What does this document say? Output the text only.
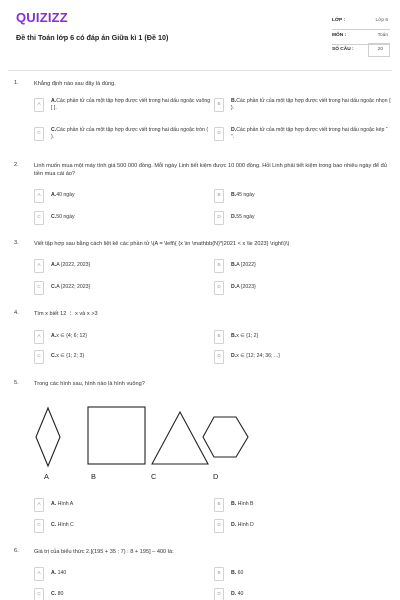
QUIZIZZ
Đề thi Toán lớp 6 có đáp án Giữa kì 1 (Đề 10)
LỚP :	Lớp 6
MÔN :	Toán
SỐ CÂU :	20
1.	Khẳng định nào sau đây là đúng.
A	A.Các phần tử của một tập hợp được viết trong hai dấu ngoặc vuông [ ].
B	B.Các phần tử của một tập hợp được viết trong hai dấu ngoặc nhọn { }.
C	C.Các phần tử của một tập hợp được viết trong hai dấu ngoặc tròn ( ).
D	D.Các phần tử của một tập hợp được viết trong hai dấu ngoặc kép “ ”.
2.	Linh muốn mua một máy tính giá 500 000 đồng. Mỗi ngày Linh tiết kiệm được 10 000 đồng. Hỏi Linh phải tiết kiệm trong bao nhiêu ngày để đủ tiền mua cái áo?
A	A.40 ngày	B	B.45 ngày
C	C.50 ngày	D	D.55 ngày
3.	Viết tập hợp sau bằng cách liệt kê các phần tử \(A = \left\{ {x \in \mathbb{N}*|2021 < x \le 2023} \right\}\)
A	A.A {2022, 2023}	B	B.A {2022}
C	C.A {2022; 2023}	D	D.A {2023}
4.	Tìm x biết 12 ⋮ x và x >3
A	A.x ∈ {4; 6; 12}	B	B.x ∈ {1; 2}
C	C.x ∈ {1; 2; 3}	D	D.x ∈ {12; 24; 36; ...}
5.	Trong các hình sau, hình nào là hình vuông?
A	B	C	D
A	A. Hình A	B	B. Hình B
C	C. Hình C	D	D. Hình D
6.	Giá trị của biểu thức 2.[(195 + 35 : 7) : 8 + 195] – 400 là:
A	A. 140	B	B. 60
C	C. 80	D	D. 40
